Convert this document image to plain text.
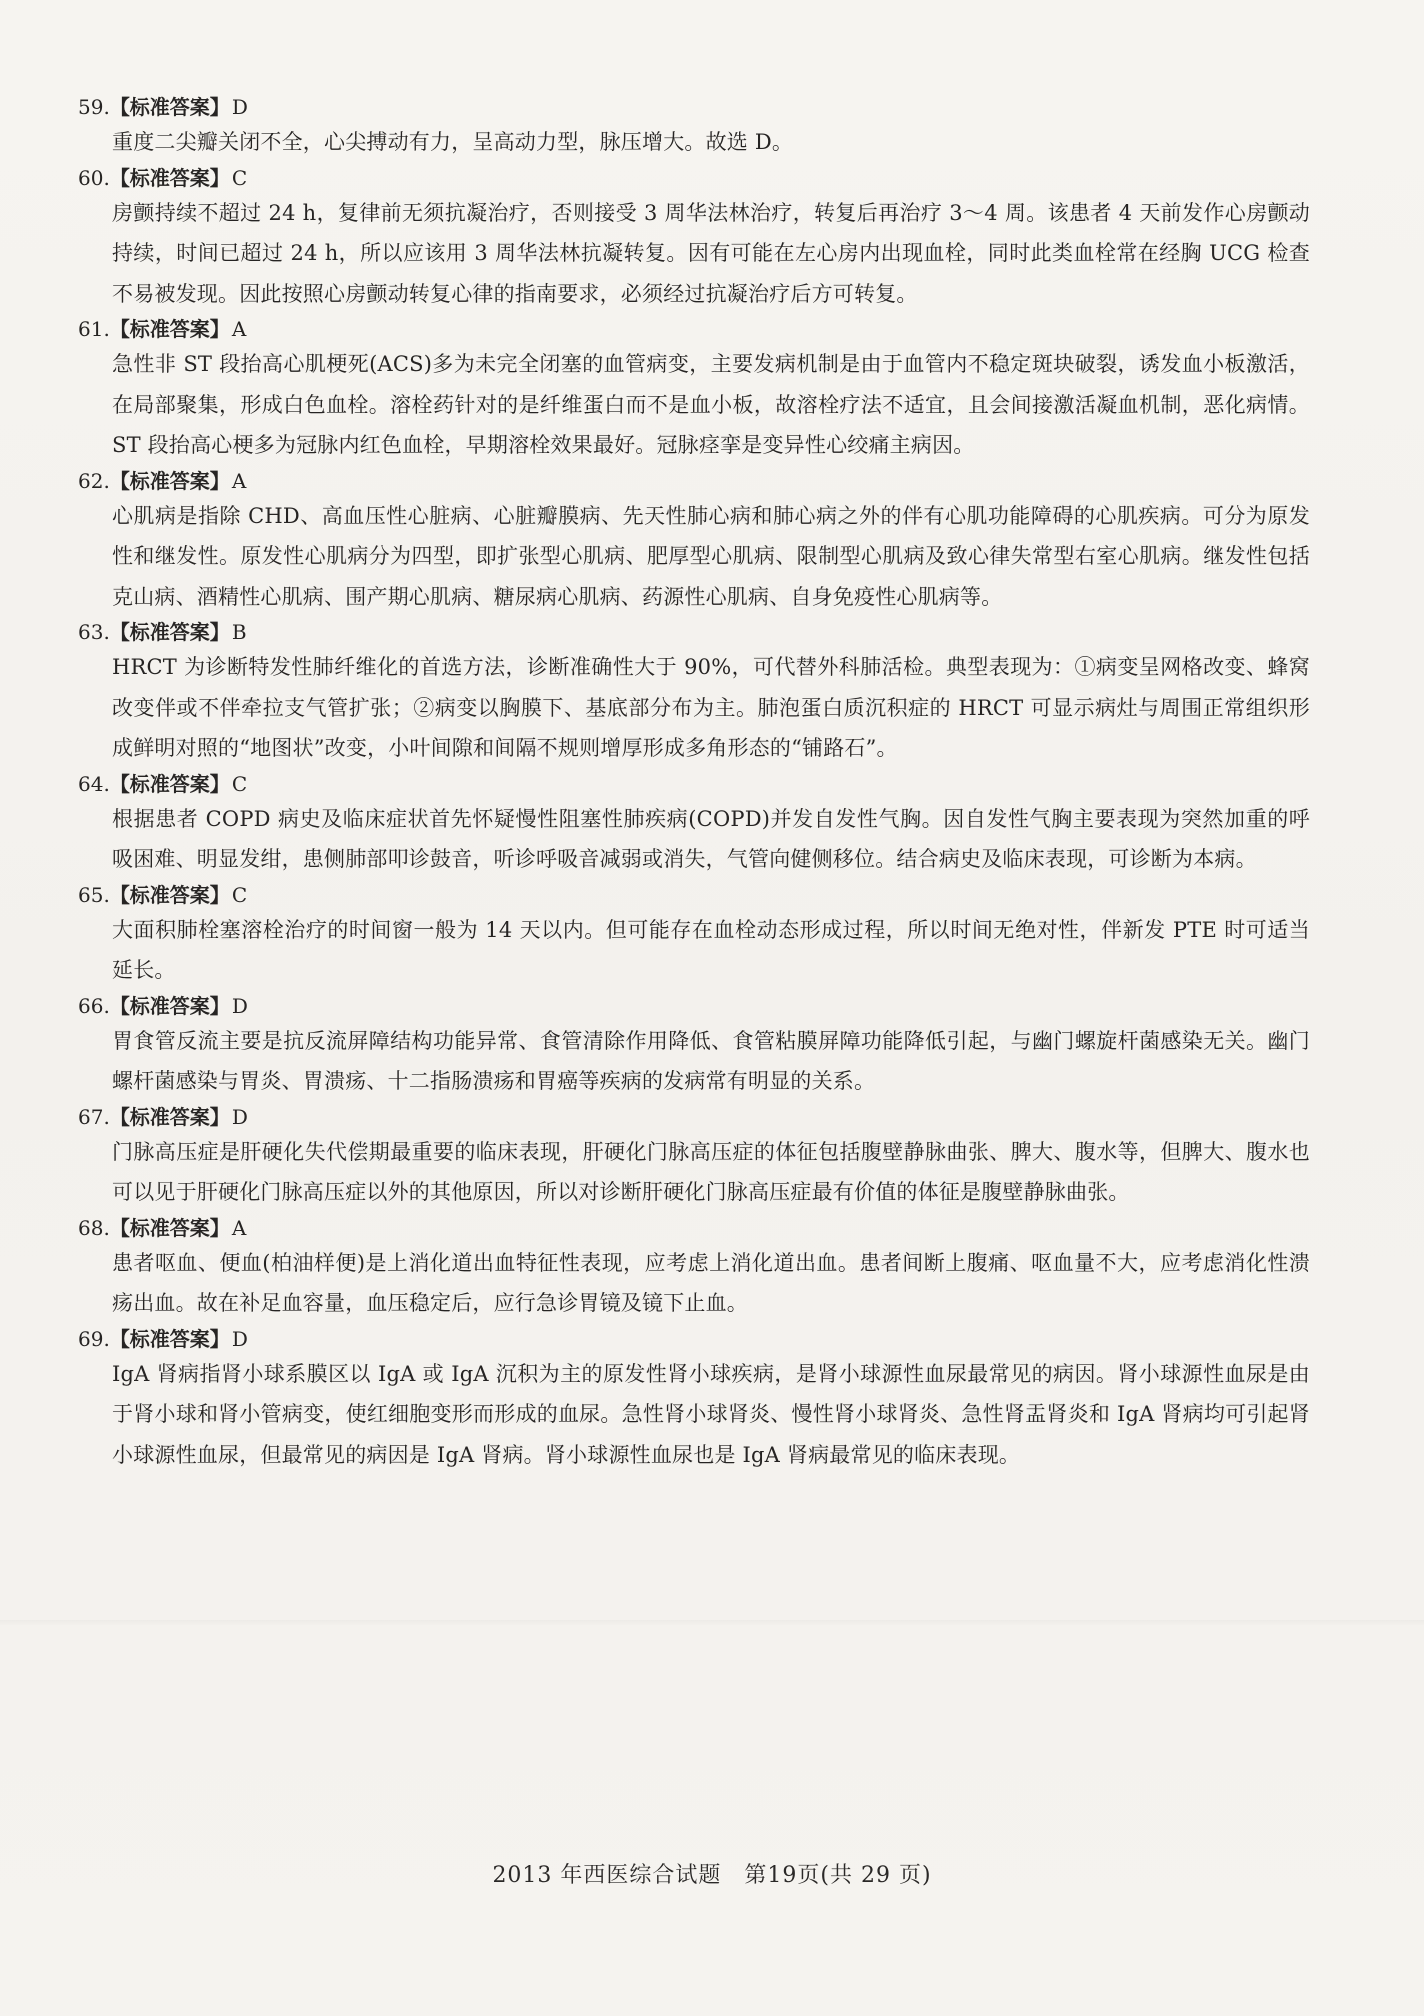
59.【标准答案】 D

重度二尖瓣关闭不全，心尖搏动有力，呈高动力型，脉压增大。故选 D。

60.【标准答案】 C

房颤持续不超过 24 h，复律前无须抗凝治疗，否则接受 3 周华法林治疗，转复后再治疗 3～4 周。该患者 4 天前发作心房颤动持续，时间已超过 24 h，所以应该用 3 周华法林抗凝转复。因有可能在左心房内出现血栓，同时此类血栓常在经胸 UCG 检查不易被发现。因此按照心房颤动转复心律的指南要求，必须经过抗凝治疗后方可转复。

61.【标准答案】 A

急性非 ST 段抬高心肌梗死(ACS)多为未完全闭塞的血管病变，主要发病机制是由于血管内不稳定斑块破裂，诱发血小板激活，在局部聚集，形成白色血栓。溶栓药针对的是纤维蛋白而不是血小板，故溶栓疗法不适宜，且会间接激活凝血机制，恶化病情。ST 段抬高心梗多为冠脉内红色血栓，早期溶栓效果最好。冠脉痉挛是变异性心绞痛主病因。

62.【标准答案】 A

心肌病是指除 CHD、高血压性心脏病、心脏瓣膜病、先天性肺心病和肺心病之外的伴有心肌功能障碍的心肌疾病。可分为原发性和继发性。原发性心肌病分为四型，即扩张型心肌病、肥厚型心肌病、限制型心肌病及致心律失常型右室心肌病。继发性包括克山病、酒精性心肌病、围产期心肌病、糖尿病心肌病、药源性心肌病、自身免疫性心肌病等。

63.【标准答案】 B

HRCT 为诊断特发性肺纤维化的首选方法，诊断准确性大于 90%，可代替外科肺活检。典型表现为：①病变呈网格改变、蜂窝改变伴或不伴牵拉支气管扩张；②病变以胸膜下、基底部分布为主。肺泡蛋白质沉积症的 HRCT 可显示病灶与周围正常组织形成鲜明对照的“地图状”改变，小叶间隙和间隔不规则增厚形成多角形态的“铺路石”。

64.【标准答案】 C

根据患者 COPD 病史及临床症状首先怀疑慢性阻塞性肺疾病(COPD)并发自发性气胸。因自发性气胸主要表现为突然加重的呼吸困难、明显发绀，患侧肺部叩诊鼓音，听诊呼吸音减弱或消失，气管向健侧移位。结合病史及临床表现，可诊断为本病。

65.【标准答案】 C

大面积肺栓塞溶栓治疗的时间窗一般为 14 天以内。但可能存在血栓动态形成过程，所以时间无绝对性，伴新发 PTE 时可适当延长。

66.【标准答案】 D

胃食管反流主要是抗反流屏障结构功能异常、食管清除作用降低、食管粘膜屏障功能降低引起，与幽门螺旋杆菌感染无关。幽门螺杆菌感染与胃炎、胃溃疡、十二指肠溃疡和胃癌等疾病的发病常有明显的关系。

67.【标准答案】 D

门脉高压症是肝硬化失代偿期最重要的临床表现，肝硬化门脉高压症的体征包括腹壁静脉曲张、脾大、腹水等，但脾大、腹水也可以见于肝硬化门脉高压症以外的其他原因，所以对诊断肝硬化门脉高压症最有价值的体征是腹壁静脉曲张。

68.【标准答案】 A

患者呕血、便血(柏油样便)是上消化道出血特征性表现，应考虑上消化道出血。患者间断上腹痛、呕血量不大，应考虑消化性溃疡出血。故在补足血容量，血压稳定后，应行急诊胃镜及镜下止血。

69.【标准答案】 D

IgA 肾病指肾小球系膜区以 IgA 或 IgA 沉积为主的原发性肾小球疾病，是肾小球源性血尿最常见的病因。肾小球源性血尿是由于肾小球和肾小管病变，使红细胞变形而形成的血尿。急性肾小球肾炎、慢性肾小球肾炎、急性肾盂肾炎和 IgA 肾病均可引起肾小球源性血尿，但最常见的病因是 IgA 肾病。肾小球源性血尿也是 IgA 肾病最常见的临床表现。

2013 年西医综合试题　第19页(共 29 页)
